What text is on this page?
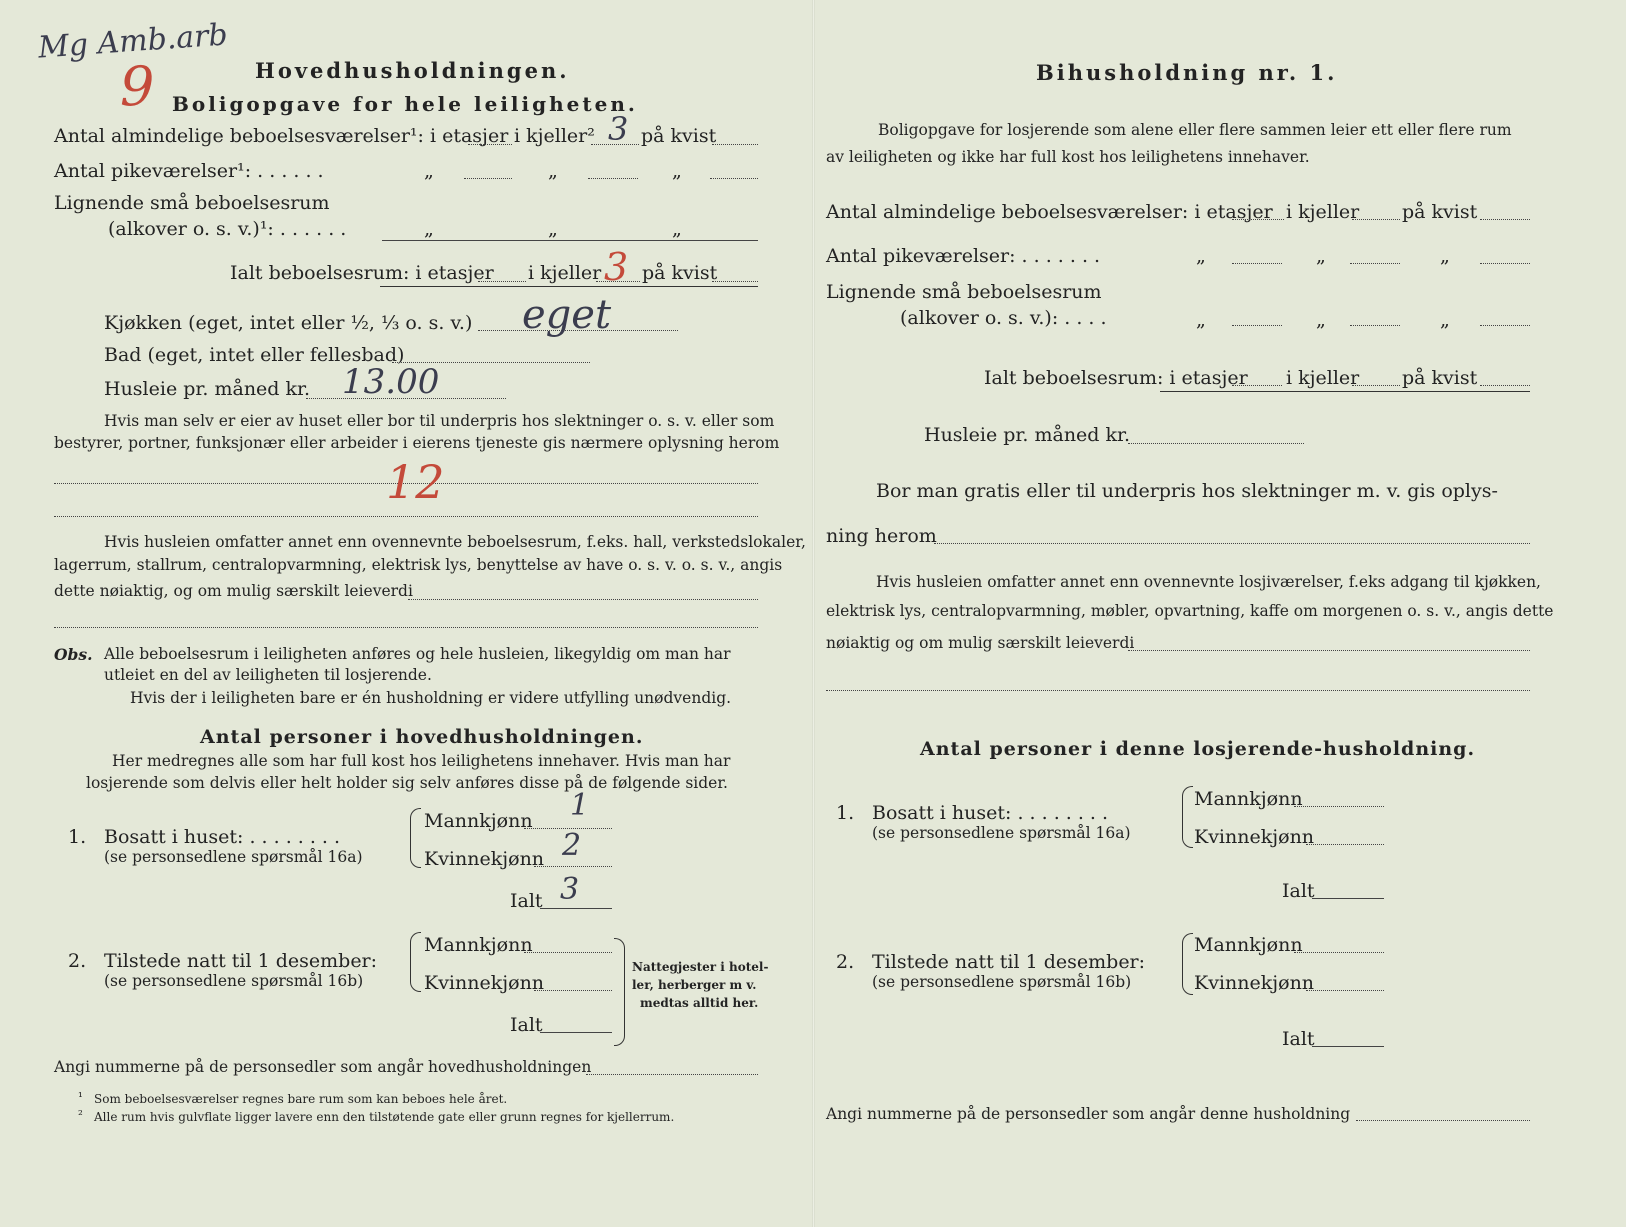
Mg Amb.arb
9	Hovedhusholdningen.
Boligopgave for hele leiligheten.
Antal almindelige beboelsesværelser¹: i etasjer i kjeller² 3 på kvist
Antal pikeværelser¹: . . . . . .	„	„	„
Lignende små beboelsesrum
(alkover o. s. v.)¹: . . . . . .	„	„	„
Ialt beboelsesrum: i etasjer i kjeller 3 på kvist
Kjøkken (eget, intet eller ½, ⅓ o. s. v.) eget
Bad (eget, intet eller fellesbad)
Husleie pr. måned kr. 13.00
Hvis man selv er eier av huset eller bor til underpris hos slektninger o. s. v. eller som
bestyrer, portner, funksjonær eller arbeider i eierens tjeneste gis nærmere oplysning herom
12
Hvis husleien omfatter annet enn ovennevnte beboelsesrum, f.eks. hall, verkstedslokaler,
lagerrum, stallrum, centralopvarmning, elektrisk lys, benyttelse av have o. s. v. o. s. v., angis
dette nøiaktig, og om mulig særskilt leieverdi
Obs. Alle beboelsesrum i leiligheten anføres og hele husleien, likegyldig om man har
utleiet en del av leiligheten til losjerende.
Hvis der i leiligheten bare er én husholdning er videre utfylling unødvendig.
Antal personer i hovedhusholdningen.
Her medregnes alle som har full kost hos leilighetens innehaver. Hvis man har
losjerende som delvis eller helt holder sig selv anføres disse på de følgende sider.
1. Bosatt i huset: . . . . . . . .
(se personsedlene spørsmål 16a)
Mannkjønn 1
Kvinnekjønn 2
Ialt 3
2. Tilstede natt til 1 desember:
(se personsedlene spørsmål 16b)
Mannkjønn
Kvinnekjønn
Ialt
Nattegjester i hotel-
ler, herberger m v.
medtas alltid her.
Angi nummerne på de personsedler som angår hovedhusholdningen
¹ Som beboelsesværelser regnes bare rum som kan beboes hele året.
² Alle rum hvis gulvflate ligger lavere enn den tilstøtende gate eller grunn regnes for kjellerrum.
Bihusholdning nr. 1.
Boligopgave for losjerende som alene eller flere sammen leier ett eller flere rum
av leiligheten og ikke har full kost hos leilighetens innehaver.
Antal almindelige beboelsesværelser: i etasjer i kjeller på kvist
Antal pikeværelser: . . . . . . .	„	„	„
Lignende små beboelsesrum
(alkover o. s. v.): . . . .	„	„	„
Ialt beboelsesrum: i etasjer i kjeller på kvist
Husleie pr. måned kr.
Bor man gratis eller til underpris hos slektninger m. v. gis oplys-
ning herom
Hvis husleien omfatter annet enn ovennevnte losjiværelser, f.eks adgang til kjøkken,
elektrisk lys, centralopvarmning, møbler, opvartning, kaffe om morgenen o. s. v., angis dette
nøiaktig og om mulig særskilt leieverdi
Antal personer i denne losjerende-husholdning.
1. Bosatt i huset: . . . . . . . .
(se personsedlene spørsmål 16a)
Mannkjønn
Kvinnekjønn
Ialt
2. Tilstede natt til 1 desember:
(se personsedlene spørsmål 16b)
Mannkjønn
Kvinnekjønn
Ialt
Angi nummerne på de personsedler som angår denne husholdning
